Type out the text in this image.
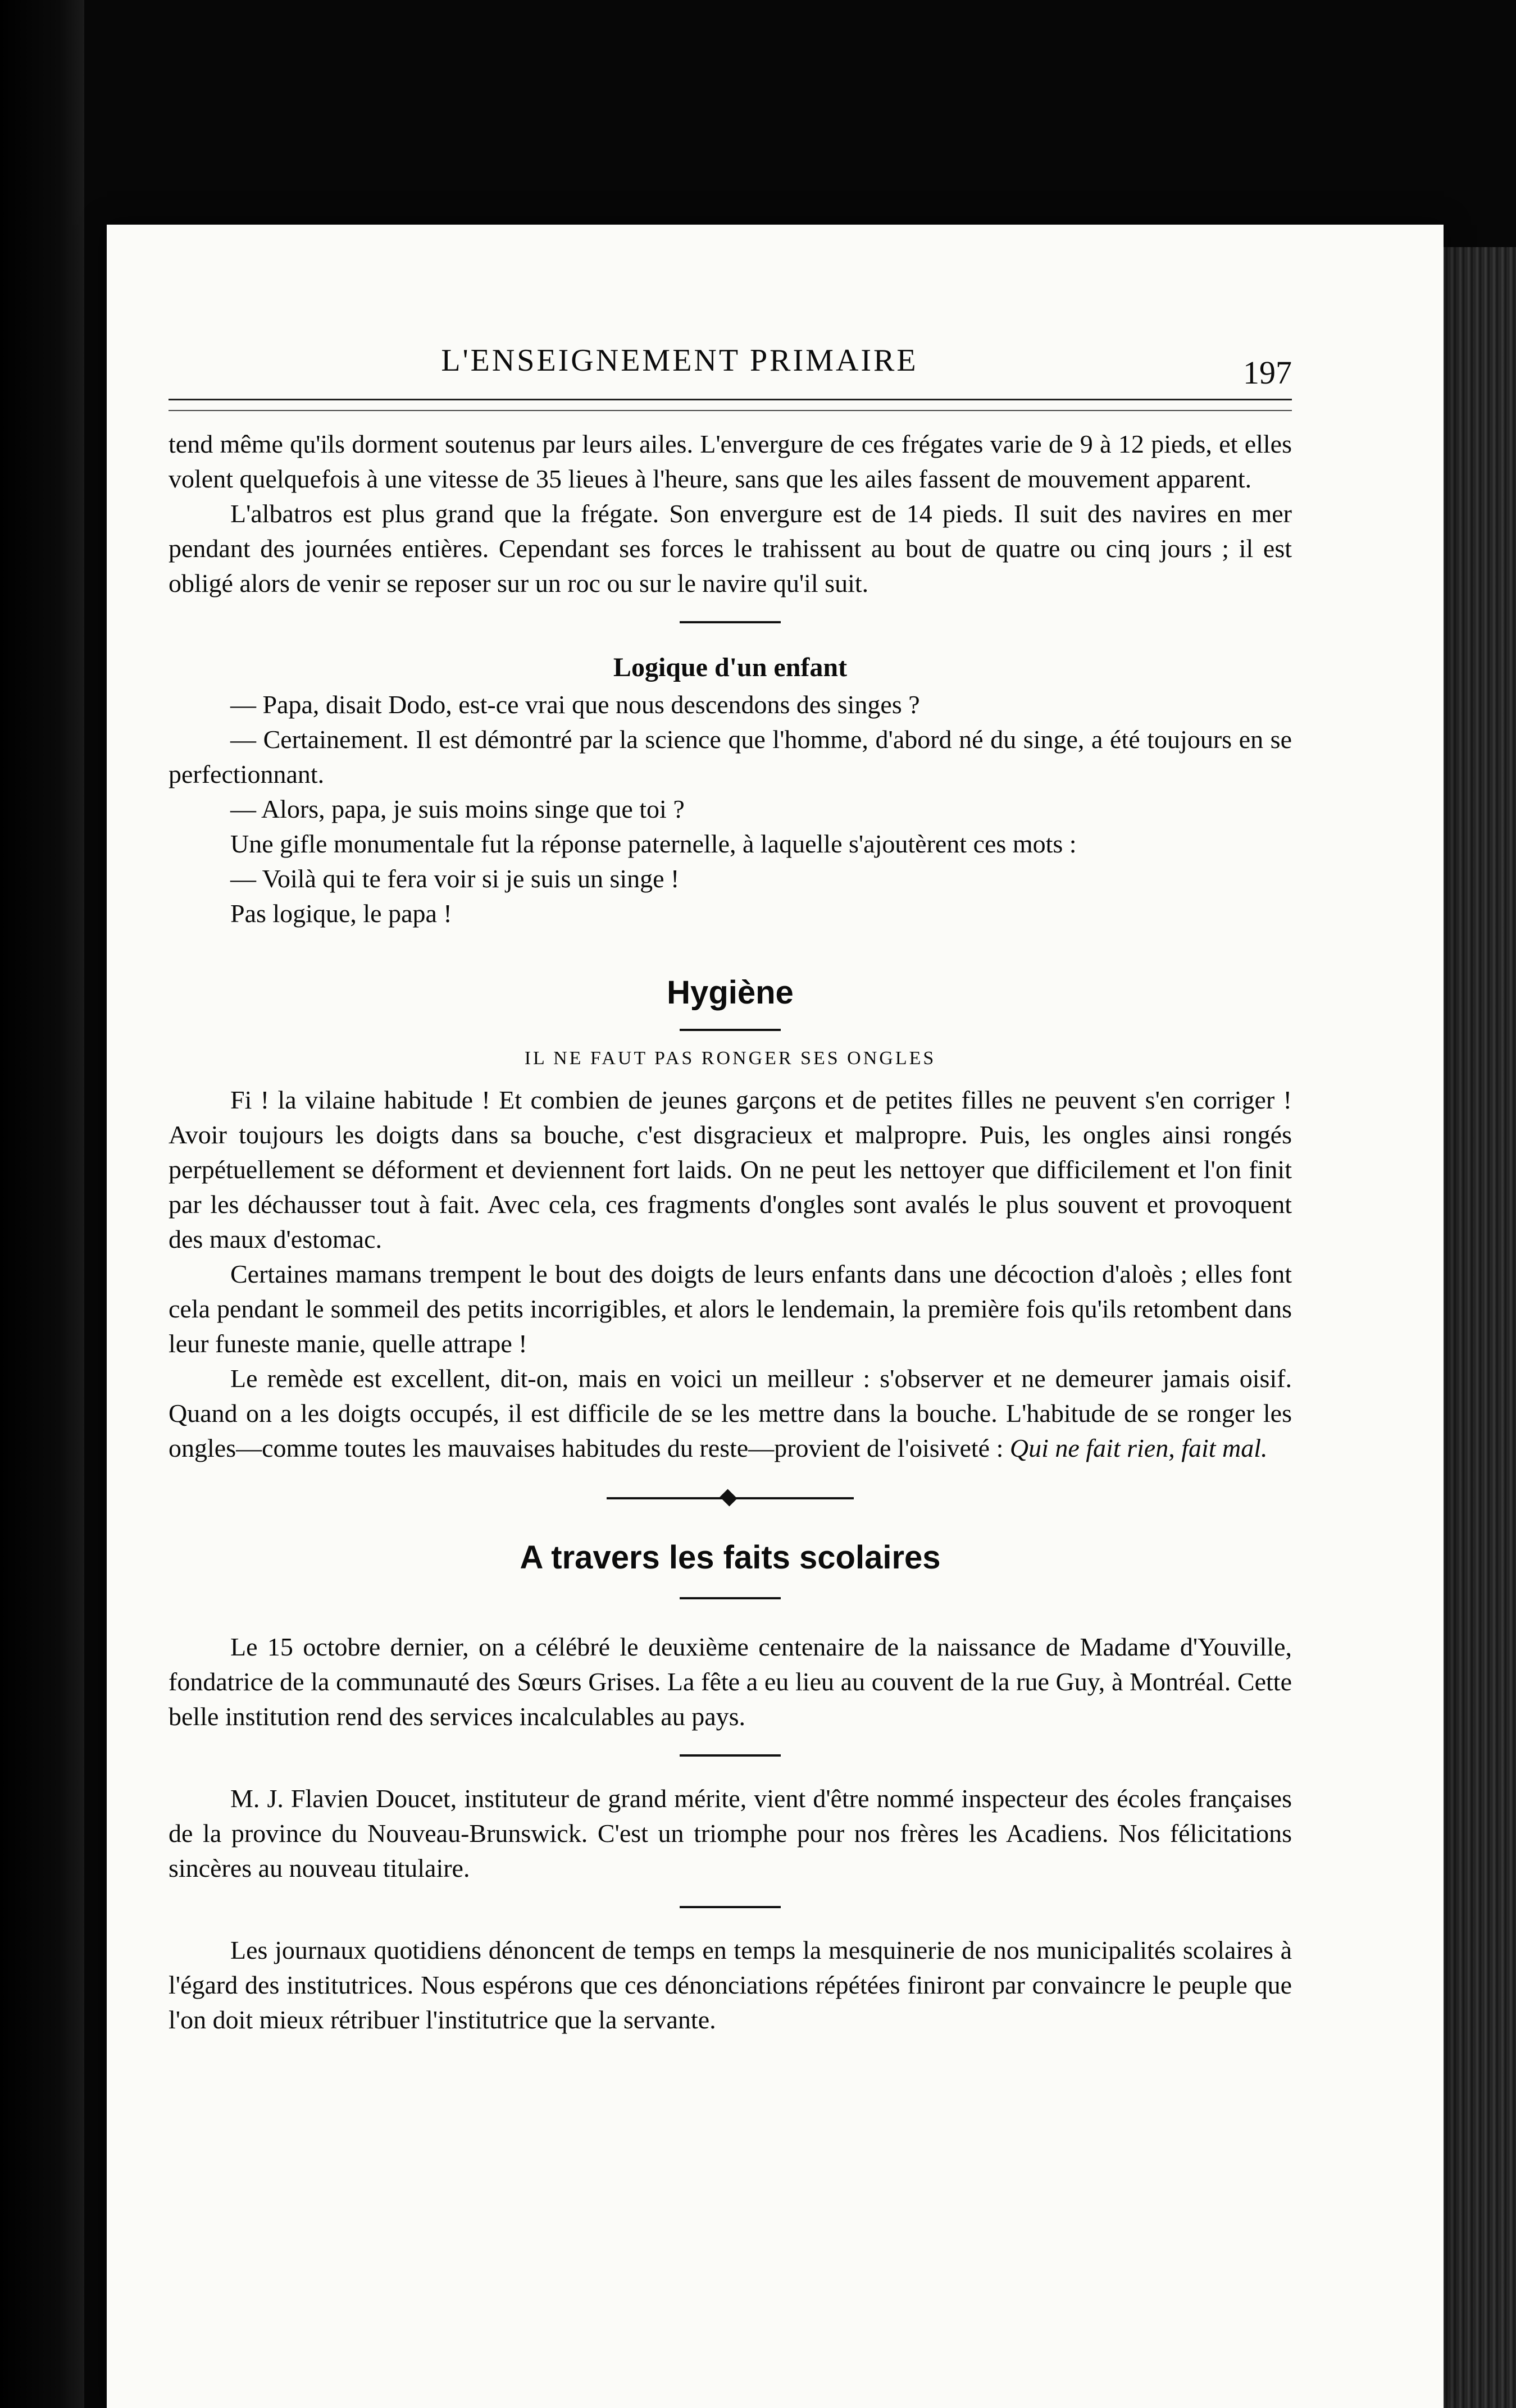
L'ENSEIGNEMENT PRIMAIRE	197

tend même qu'ils dorment soutenus par leurs ailes. L'envergure de ces frégates varie de 9 à 12 pieds, et elles volent quelquefois à une vitesse de 35 lieues à l'heure, sans que les ailes fassent de mouvement apparent.

L'albatros est plus grand que la frégate. Son envergure est de 14 pieds. Il suit des navires en mer pendant des journées entières. Cependant ses forces le trahissent au bout de quatre ou cinq jours ; il est obligé alors de venir se reposer sur un roc ou sur le navire qu'il suit.

Logique d'un enfant

— Papa, disait Dodo, est-ce vrai que nous descendons des singes ?

— Certainement. Il est démontré par la science que l'homme, d'abord né du singe, a été toujours en se perfectionnant.

— Alors, papa, je suis moins singe que toi ?

Une gifle monumentale fut la réponse paternelle, à laquelle s'ajoutèrent ces mots :

— Voilà qui te fera voir si je suis un singe !

Pas logique, le papa !

Hygiène
IL NE FAUT PAS RONGER SES ONGLES

Fi ! la vilaine habitude ! Et combien de jeunes garçons et de petites filles ne peuvent s'en corriger ! Avoir toujours les doigts dans sa bouche, c'est disgracieux et malpropre. Puis, les ongles ainsi rongés perpétuellement se déforment et deviennent fort laids. On ne peut les nettoyer que difficilement et l'on finit par les déchausser tout à fait. Avec cela, ces fragments d'ongles sont avalés le plus souvent et provoquent des maux d'estomac.

Certaines mamans trempent le bout des doigts de leurs enfants dans une décoction d'aloès ; elles font cela pendant le sommeil des petits incorrigibles, et alors le lendemain, la première fois qu'ils retombent dans leur funeste manie, quelle attrape !

Le remède est excellent, dit-on, mais en voici un meilleur : s'observer et ne demeurer jamais oisif. Quand on a les doigts occupés, il est difficile de se les mettre dans la bouche. L'habitude de se ronger les ongles—comme toutes les mauvaises habitudes du reste—provient de l'oisiveté : Qui ne fait rien, fait mal.

A travers les faits scolaires

Le 15 octobre dernier, on a célébré le deuxième centenaire de la naissance de Madame d'Youville, fondatrice de la communauté des Sœurs Grises. La fête a eu lieu au couvent de la rue Guy, à Montréal. Cette belle institution rend des services incalculables au pays.

M. J. Flavien Doucet, instituteur de grand mérite, vient d'être nommé inspecteur des écoles françaises de la province du Nouveau-Brunswick. C'est un triomphe pour nos frères les Acadiens. Nos félicitations sincères au nouveau titulaire.

Les journaux quotidiens dénoncent de temps en temps la mesquinerie de nos municipalités scolaires à l'égard des institutrices. Nous espérons que ces dénonciations répétées finiront par convaincre le peuple que l'on doit mieux rétribuer l'institutrice que la servante.
